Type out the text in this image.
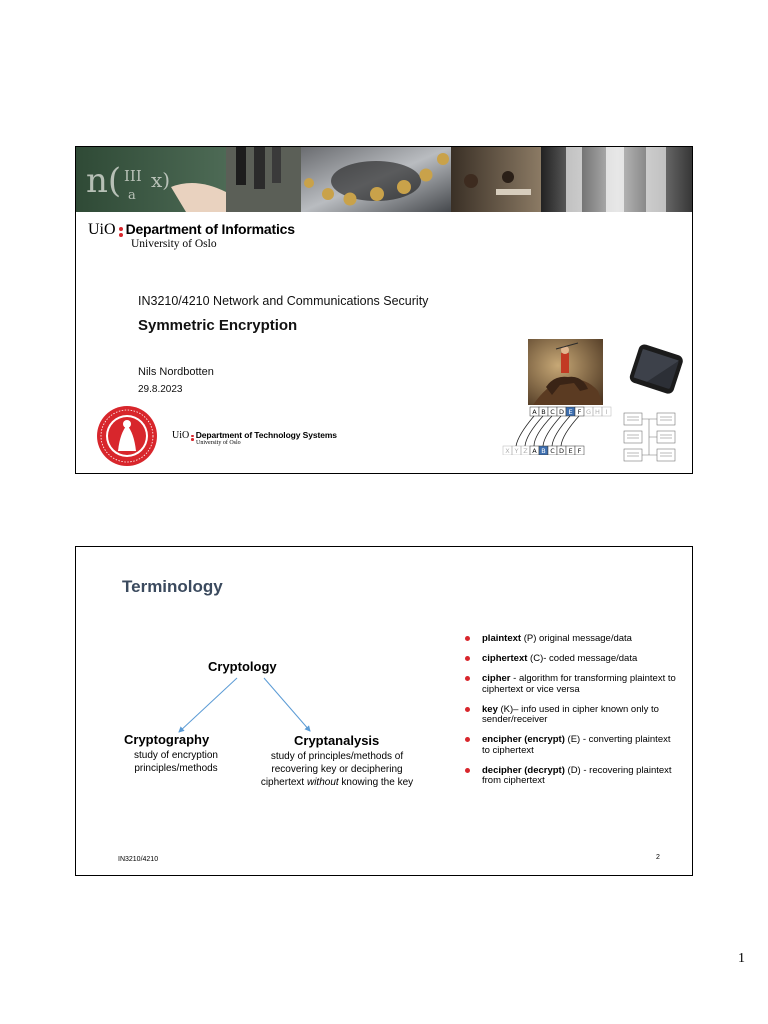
n( III
a
x)
UiO Department of Informatics
University of Oslo
IN3210/4210 Network and Communications Security
Symmetric Encryption
Nils Nordbotten
29.8.2023
UiO Department of Technology Systems
University of Oslo
A B C D E F G H I
X Y Z A B C D E F
Terminology
Cryptology
Cryptography
study of encryption
principles/methods
Cryptanalysis
study of principles/methods of
recovering key or deciphering
ciphertext without knowing the key
plaintext (P) original message/data
ciphertext (C)- coded message/data
cipher - algorithm for transforming plaintext to ciphertext or vice versa
key (K)– info used in cipher known only to sender/receiver
encipher (encrypt) (E) - converting plaintext to ciphertext
decipher (decrypt) (D) - recovering plaintext from ciphertext
IN3210/4210	2
1
